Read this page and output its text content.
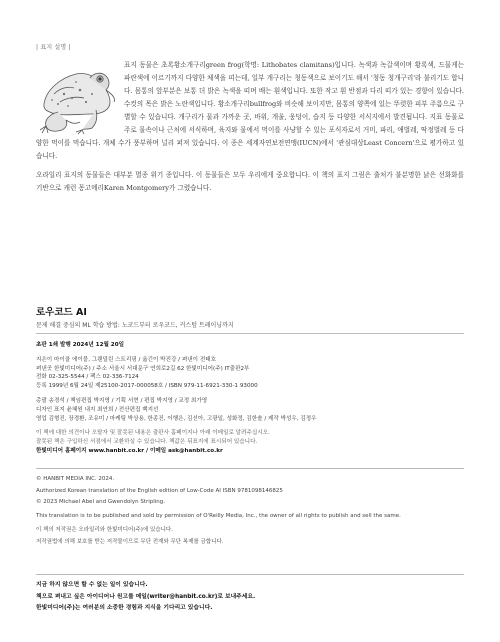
| 표지 설명 |

표지 동물은 초록황소개구리green frog(학명: Lithobates clamitans)입니다. 녹색과 녹갈색이며 황록색, 드물게는 파란색에 이르기까지 다양한 체색을 띠는데, 일부 개구리는 청동색으로 보이기도 해서 '청동 청개구리'라 불리기도 합니다. 몸통의 앞부분은 보통 더 밝은 녹색을 띠며 배는 흰색입니다. 또한 작고 흰 반점과 다리 띠가 있는 경향이 있습니다. 수컷의 목은 밝은 노란색입니다. 황소개구리bullfrog와 비슷해 보이지만, 몸통의 양쪽에 있는 뚜렷한 피부 주름으로 구별할 수 있습니다. 개구리가 물과 가까운 곳, 바위, 개울, 웅덩이, 습지 등 다양한 서식지에서 발견됩니다. 지표 동물로 주로 물속이나 근처에 서식하며, 육지와 물에서 먹이를 사냥할 수 있는 포식자로서 거미, 파리, 애벌레, 딱정벌레 등 다양한 먹이를 먹습니다. 개체 수가 풍부하며 널리 퍼져 있습니다. 이 종은 세계자연보전연맹(IUCN)에서 '관심대상Least Concern'으로 평가하고 있습니다.

오라일리 표지의 동물들은 대부분 멸종 위기 종입니다. 이 동물들은 모두 우리에게 중요합니다. 이 책의 표지 그림은 출처가 불분명한 낡은 선화화를 기반으로 캐런 몽고메리Karen Montgomery가 그렸습니다.

로우코드 AI
문제 해결 중심의 ML 학습 방법: 노코드부터 로우코드, 커스텀 트레이닝까지
초판 1쇄 발행 2024년 12월 20일
지은이 마이클 에이블, 그웬덜린 스트리핑 / 옮긴이 박진강 / 펴낸이 전태호
펴낸곳 한빛미디어(주) / 주소 서울시 서대문구 연희로2길 62 한빛미디어(주) IT출판2부
전화 02-325-5544 / 팩스 02-336-7124
등록 1999년 6월 24일 제25100-2017-000058호 / ISBN 979-11-6921-330-1 93000
총괄 송경석 / 책임편집 박지영 / 기획 서현 / 편집 박지영 / 교정 최가영
디자인 표지 윤혜원 내지 최연희 / 전산편집 백지선
영업 김형진, 장경환, 조유미 / 마케팅 박상용, 한종진, 이행은, 김선아, 고광일, 성화정, 김한솔 / 제작 박성우, 김정우
이 책에 대한 의견이나 오탈자 및 잘못된 내용은 출판사 홈페이지나 아래 이메일로 알려주십시오.
잘못된 책은 구입하신 서점에서 교환하실 수 있습니다. 책값은 뒤표지에 표시되어 있습니다.
한빛미디어 홈페이지 www.hanbit.co.kr / 이메일 ask@hanbit.co.kr

© HANBIT MEDIA INC. 2024.

Authorized Korean translation of the English edition of Low-Code AI ISBN 9781098146825

© 2023 Michael Abel and Gwendolyn Stripling.

This translation is to be published and sold by permission of O'Reilly Media, Inc., the owner of all rights to publish and sell the same.

이 책의 저작권은 오라일리와 한빛미디어(주)에 있습니다.

저작권법에 의해 보호를 받는 저작물이므로 무단 전재와 무단 복제를 금합니다.

지금 하지 않으면 할 수 없는 일이 있습니다.

책으로 펴내고 싶은 아이디어나 원고를 메일(writer@hanbit.co.kr)로 보내주세요.

한빛미디어(주)는 여러분의 소중한 경험과 지식을 기다리고 있습니다.
